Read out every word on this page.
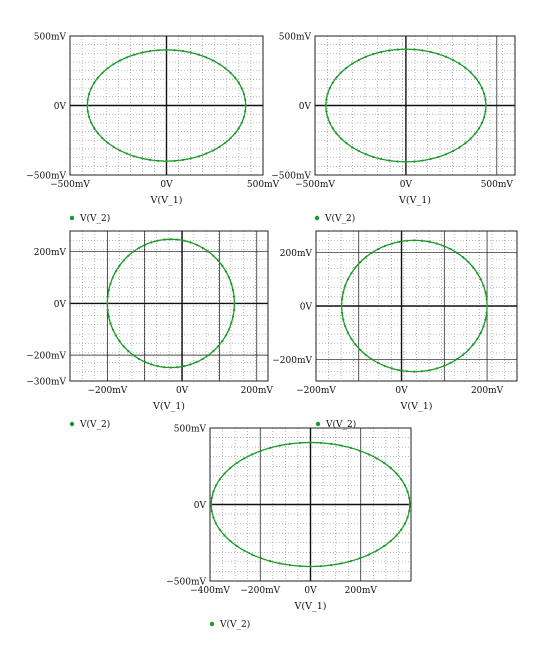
−500mV
0V
500mV
−500mV	0V	500mV
V(V_1)
V(V_2)
−500mV
0V
500mV
−500mV	0V	500mV
V(V_1)
V(V_2)
−300mV
−200mV
0V
200mV
−200mV	0V	200mV
V(V_1)
V(V_2)
−200mV
0V
200mV
−200mV	0V	200mV
V(V_1)
V(V_2)
−500mV
0V
500mV
−400mV −200mV	0V	200mV
V(V_1)
V(V_2)
